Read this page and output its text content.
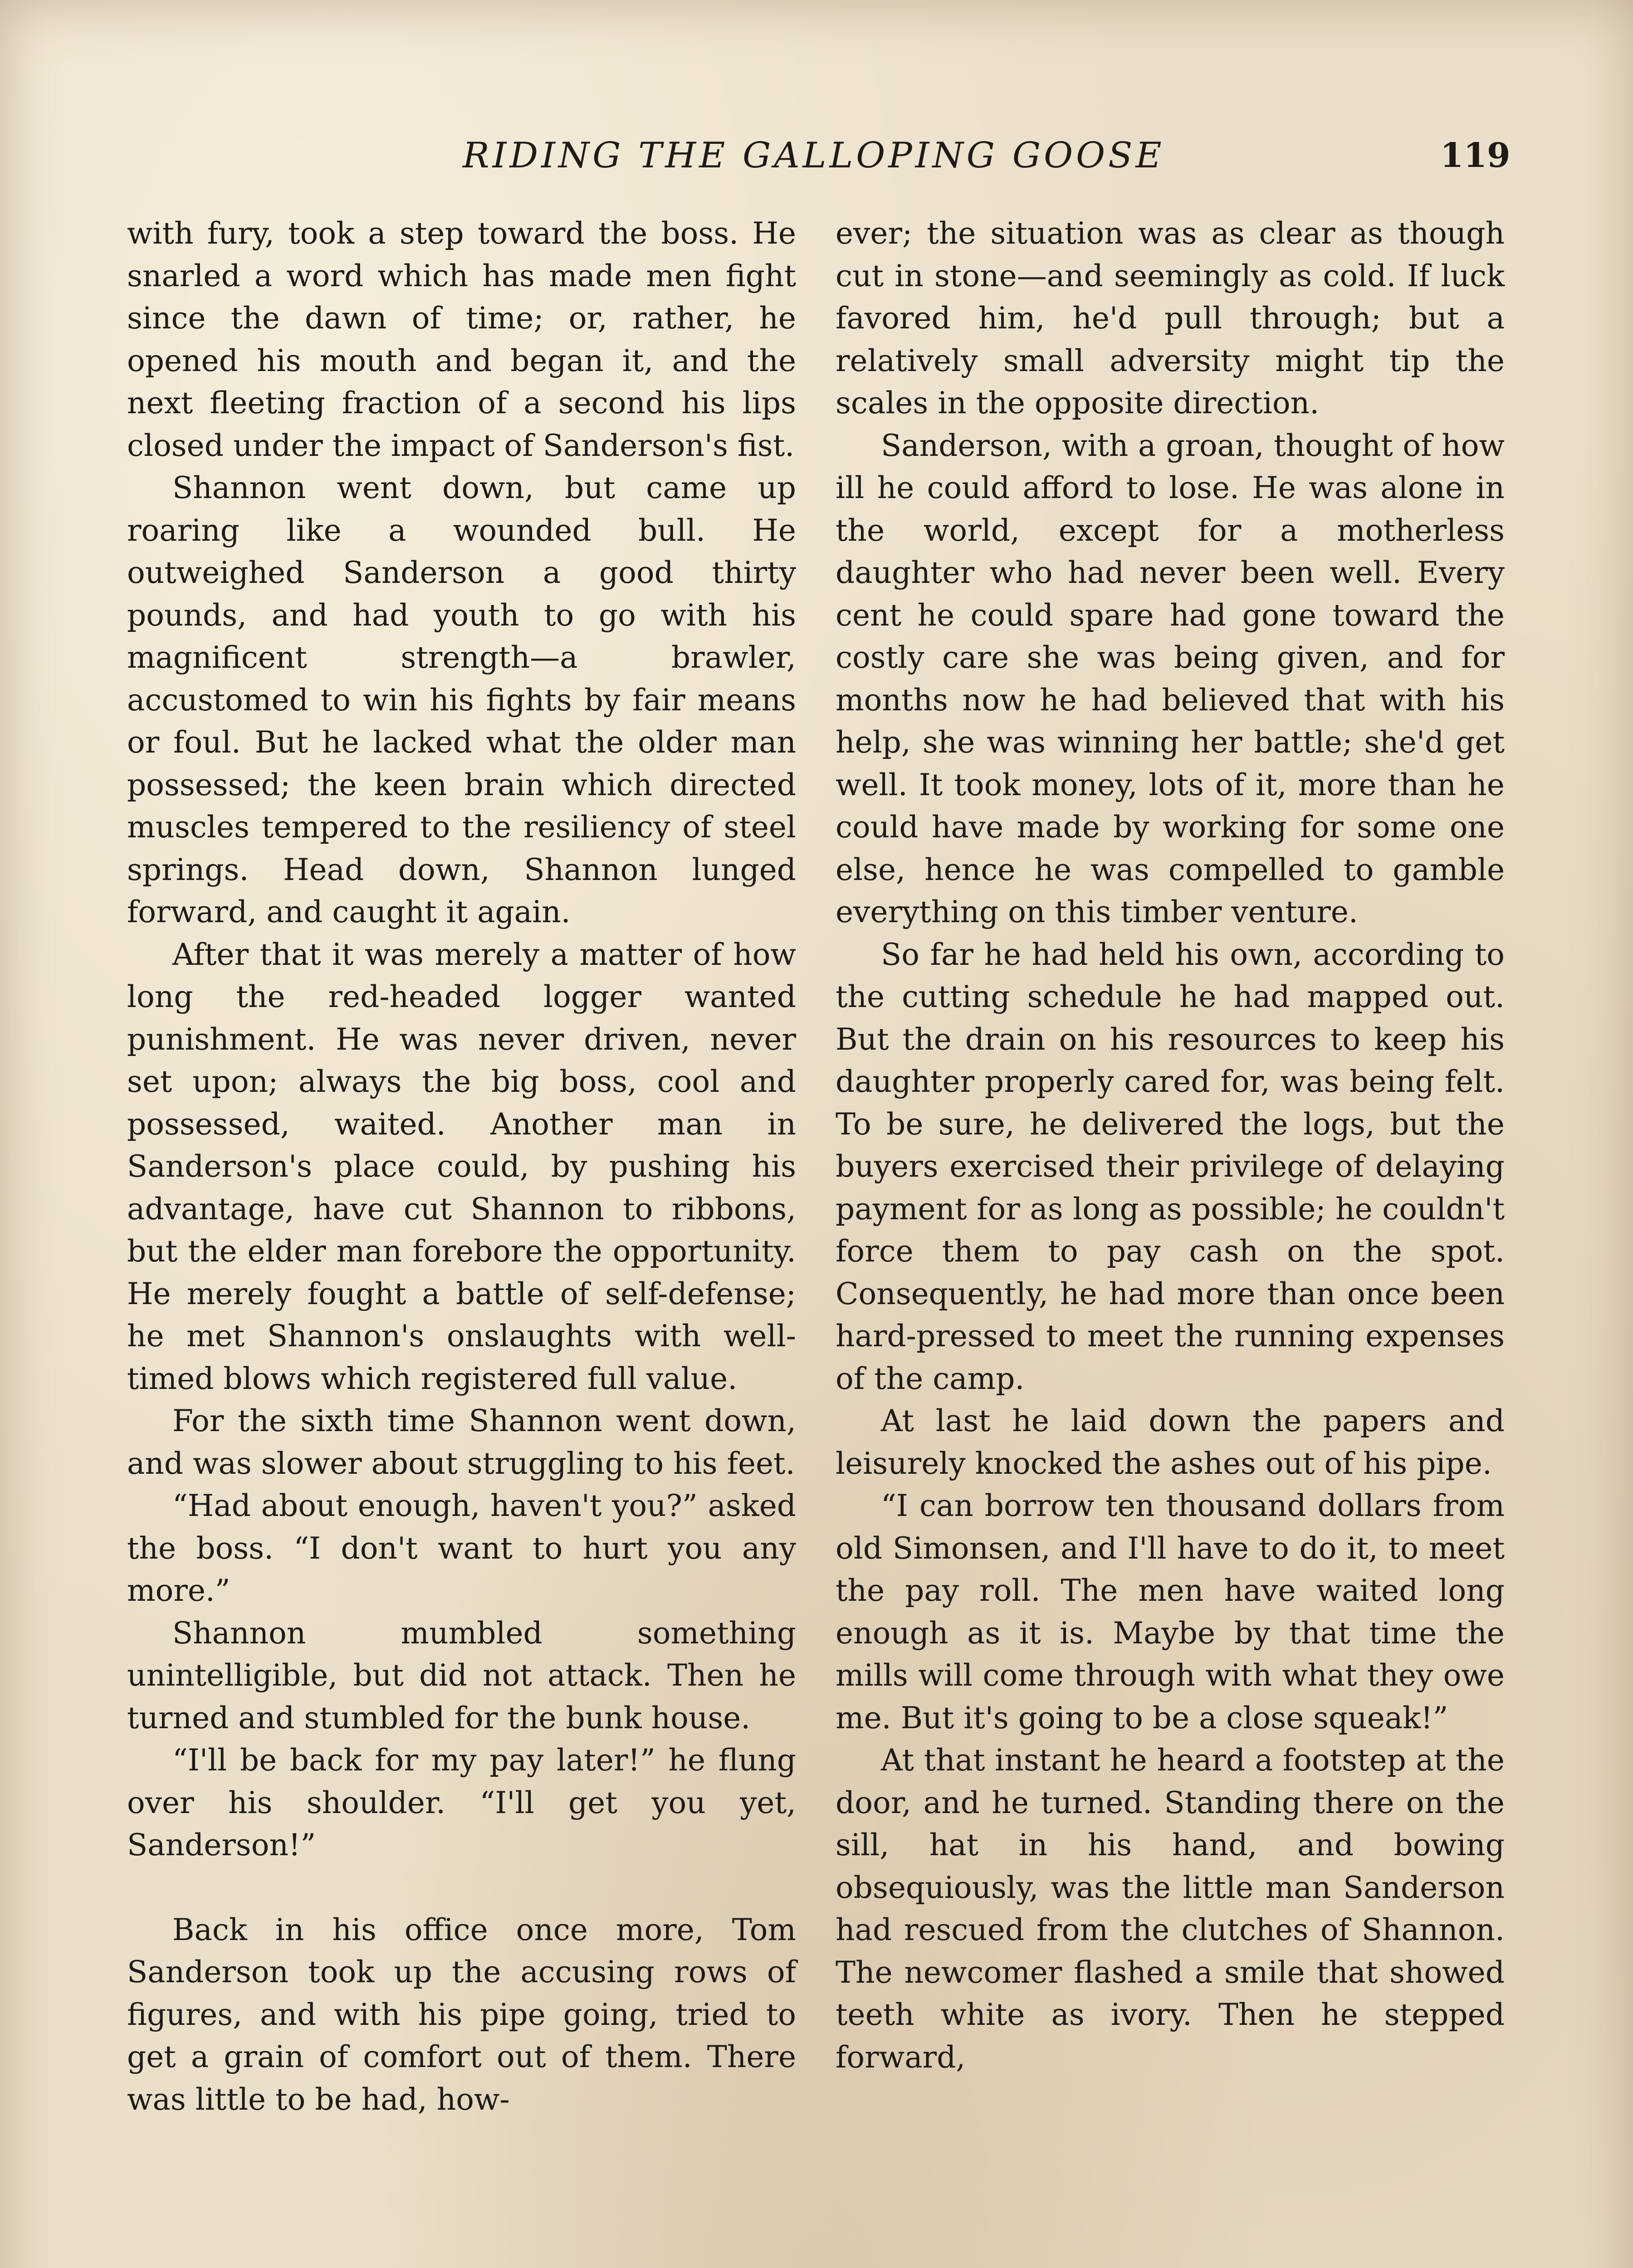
RIDING THE GALLOPING GOOSE	119

with fury, took a step toward the boss. He snarled a word which has made men fight since the dawn of time; or, rather, he opened his mouth and began it, and the next fleeting fraction of a second his lips closed under the impact of Sanderson's fist.

Shannon went down, but came up roaring like a wounded bull. He outweighed Sanderson a good thirty pounds, and had youth to go with his magnificent strength—a brawler, accustomed to win his fights by fair means or foul. But he lacked what the older man possessed; the keen brain which directed muscles tempered to the resiliency of steel springs. Head down, Shannon lunged forward, and caught it again.

After that it was merely a matter of how long the red-headed logger wanted punishment. He was never driven, never set upon; always the big boss, cool and possessed, waited. Another man in Sanderson's place could, by pushing his advantage, have cut Shannon to ribbons, but the elder man forebore the opportunity. He merely fought a battle of self-defense; he met Shannon's onslaughts with well-timed blows which registered full value.

For the sixth time Shannon went down, and was slower about struggling to his feet.

“Had about enough, haven't you?” asked the boss. “I don't want to hurt you any more.”

Shannon mumbled something unintelligible, but did not attack. Then he turned and stumbled for the bunk house.

“I'll be back for my pay later!” he flung over his shoulder. “I'll get you yet, Sanderson!”

Back in his office once more, Tom Sanderson took up the accusing rows of figures, and with his pipe going, tried to get a grain of comfort out of them. There was little to be had, how-

ever; the situation was as clear as though cut in stone—and seemingly as cold. If luck favored him, he'd pull through; but a relatively small adversity might tip the scales in the opposite direction.

Sanderson, with a groan, thought of how ill he could afford to lose. He was alone in the world, except for a motherless daughter who had never been well. Every cent he could spare had gone toward the costly care she was being given, and for months now he had believed that with his help, she was winning her battle; she'd get well. It took money, lots of it, more than he could have made by working for some one else, hence he was compelled to gamble everything on this timber venture.

So far he had held his own, according to the cutting schedule he had mapped out. But the drain on his resources to keep his daughter properly cared for, was being felt. To be sure, he delivered the logs, but the buyers exercised their privilege of delaying payment for as long as possible; he couldn't force them to pay cash on the spot. Consequently, he had more than once been hard-pressed to meet the running expenses of the camp.

At last he laid down the papers and leisurely knocked the ashes out of his pipe.

“I can borrow ten thousand dollars from old Simonsen, and I'll have to do it, to meet the pay roll. The men have waited long enough as it is. Maybe by that time the mills will come through with what they owe me. But it's going to be a close squeak!”

At that instant he heard a footstep at the door, and he turned. Standing there on the sill, hat in his hand, and bowing obsequiously, was the little man Sanderson had rescued from the clutches of Shannon. The newcomer flashed a smile that showed teeth white as ivory. Then he stepped forward,
